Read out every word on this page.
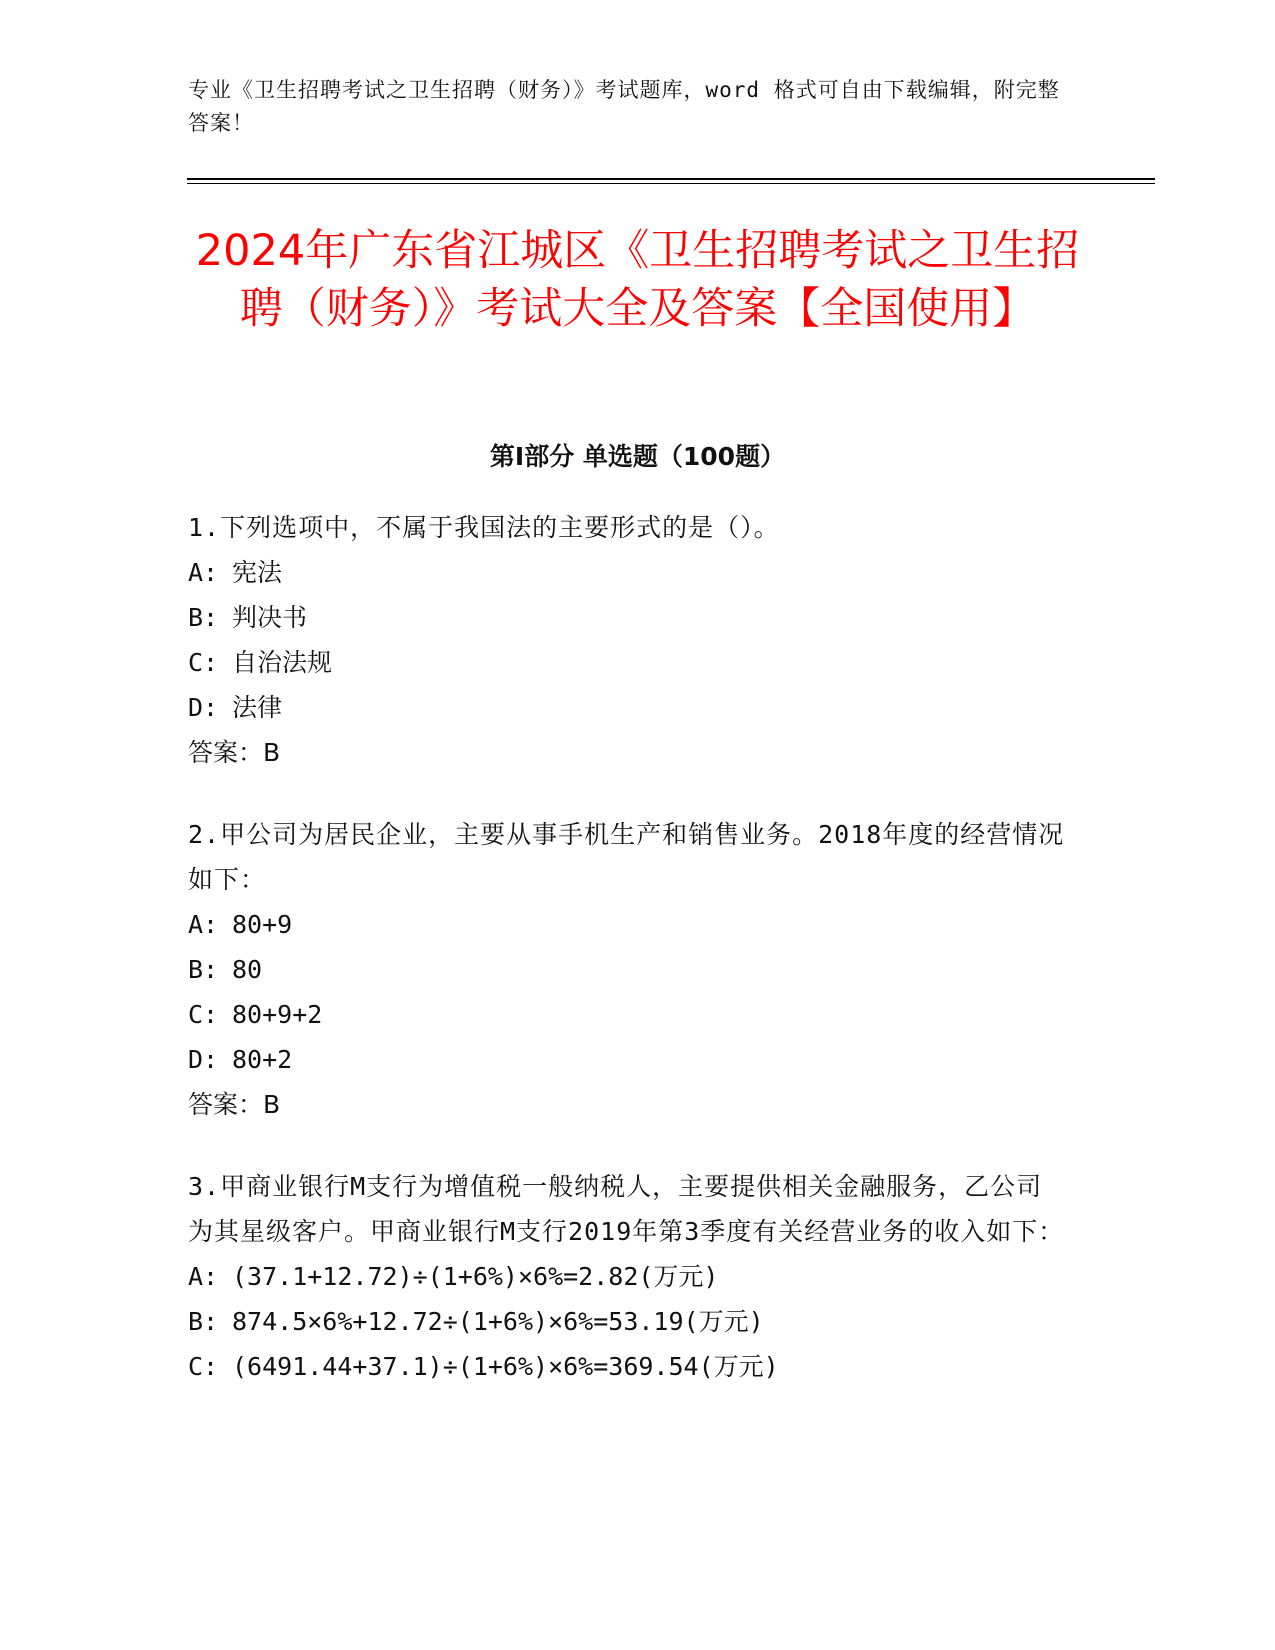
专业《卫生招聘考试之卫生招聘（财务）》考试题库，word 格式可自由下载编辑，附完整答案！
2024年广东省江城区《卫生招聘考试之卫生招聘（财务）》考试大全及答案【全国使用】
第Ⅰ部分 单选题（100题）

1.下列选项中，不属于我国法的主要形式的是（）。

A: 宪法

B: 判决书

C: 自治法规

D: 法律

答案：B

2.甲公司为居民企业，主要从事手机生产和销售业务。2018年度的经营情况如下：

A: 80+9

B: 80

C: 80+9+2

D: 80+2

答案：B

3.甲商业银行M支行为增值税一般纳税人，主要提供相关金融服务，乙公司为其星级客户。甲商业银行M支行2019年第3季度有关经营业务的收入如下：

A: (37.1+12.72)÷(1+6%)×6%=2.82(万元)

B: 874.5×6%+12.72÷(1+6%)×6%=53.19(万元)

C: (6491.44+37.1)÷(1+6%)×6%=369.54(万元)
